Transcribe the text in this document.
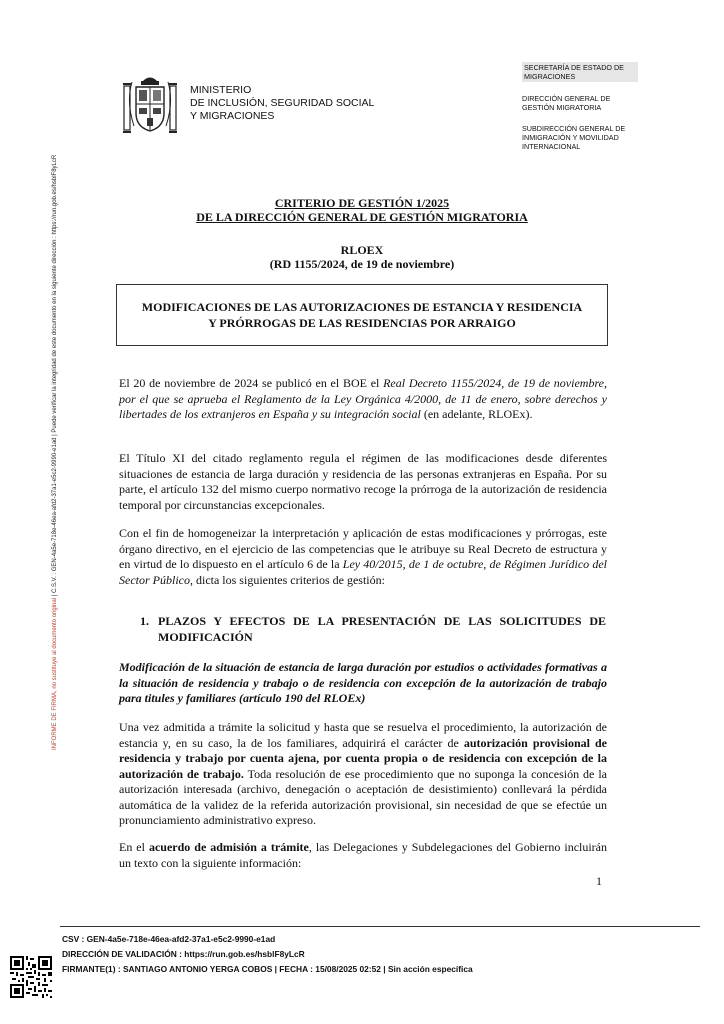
INFORME DE FIRMA, no sustituye al documento original | C.S.V. : GEN-4a5e-718e-46ea-afd2-37a1-e5c2-9990-e1ad | Puede verificar la integridad de este documento en la siguiente dirección : https://run.gob.es/hsblF8yLcR
MINISTERIO
DE INCLUSIÓN, SEGURIDAD SOCIAL
Y MIGRACIONES
SECRETARÍA DE ESTADO DE MIGRACIONES
DIRECCIÓN GENERAL DE GESTIÓN MIGRATORIA
SUBDIRECCIÓN GENERAL DE INMIGRACIÓN Y MOVILIDAD INTERNACIONAL
CRITERIO DE GESTIÓN 1/2025
DE LA DIRECCIÓN GENERAL DE GESTIÓN MIGRATORIA
RLOEX
(RD 1155/2024, de 19 de noviembre)
MODIFICACIONES DE LAS AUTORIZACIONES DE ESTANCIA Y RESIDENCIA
Y PRÓRROGAS DE LAS RESIDENCIAS POR ARRAIGO
El 20 de noviembre de 2024 se publicó en el BOE el Real Decreto 1155/2024, de 19 de noviembre, por el que se aprueba el Reglamento de la Ley Orgánica 4/2000, de 11 de enero, sobre derechos y libertades de los extranjeros en España y su integración social (en adelante, RLOEx).
El Título XI del citado reglamento regula el régimen de las modificaciones desde diferentes situaciones de estancia de larga duración y residencia de las personas extranjeras en España. Por su parte, el artículo 132 del mismo cuerpo normativo recoge la prórroga de la autorización de residencia temporal por circunstancias excepcionales.
Con el fin de homogeneizar la interpretación y aplicación de estas modificaciones y prórrogas, este órgano directivo, en el ejercicio de las competencias que le atribuye su Real Decreto de estructura y en virtud de lo dispuesto en el artículo 6 de la Ley 40/2015, de 1 de octubre, de Régimen Jurídico del Sector Público, dicta los siguientes criterios de gestión:
1. PLAZOS Y EFECTOS DE LA PRESENTACIÓN DE LAS SOLICITUDES DE MODIFICACIÓN
Modificación de la situación de estancia de larga duración por estudios o actividades formativas a la situación de residencia y trabajo o de residencia con excepción de la autorización de trabajo para titules y familiares (artículo 190 del RLOEx)
Una vez admitida a trámite la solicitud y hasta que se resuelva el procedimiento, la autorización de estancia y, en su caso, la de los familiares, adquirirá el carácter de autorización provisional de residencia y trabajo por cuenta ajena, por cuenta propia o de residencia con excepción de la autorización de trabajo. Toda resolución de ese procedimiento que no suponga la concesión de la autorización interesada (archivo, denegación o aceptación de desistimiento) conllevará la pérdida automática de la validez de la referida autorización provisional, sin necesidad de que se efectúe un pronunciamiento administrativo expreso.
En el acuerdo de admisión a trámite, las Delegaciones y Subdelegaciones del Gobierno incluirán un texto con la siguiente información:
1
CSV : GEN-4a5e-718e-46ea-afd2-37a1-e5c2-9990-e1ad
DIRECCIÓN DE VALIDACIÓN : https://run.gob.es/hsblF8yLcR
FIRMANTE(1) : SANTIAGO ANTONIO YERGA COBOS | FECHA : 15/08/2025 02:52 | Sin acción específica
